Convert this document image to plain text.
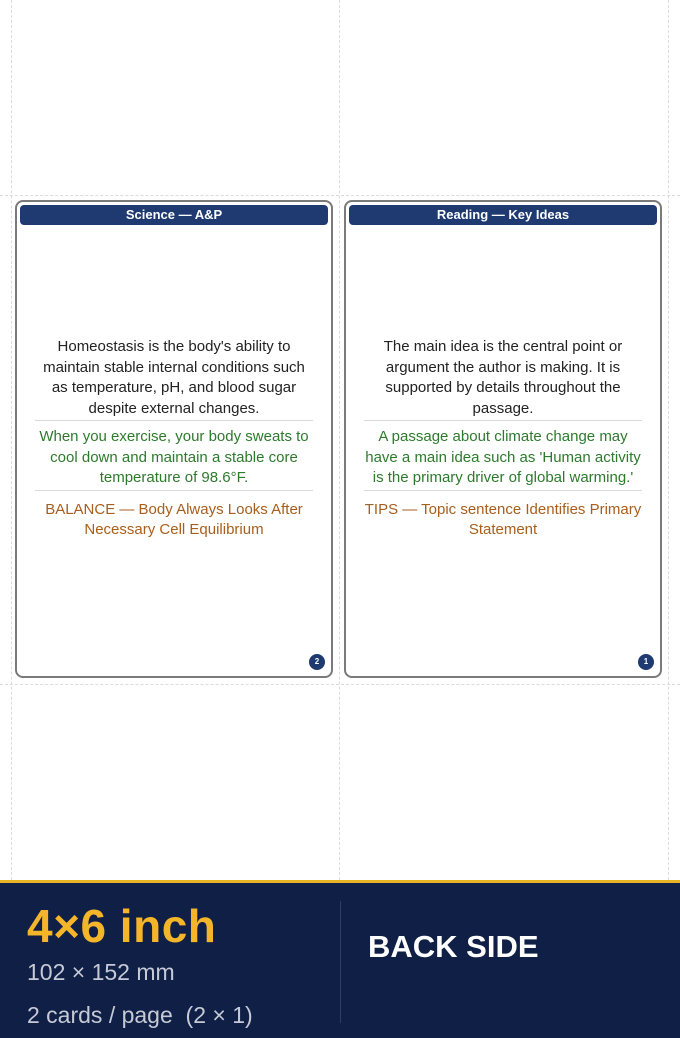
Science — A&P
Homeostasis is the body's ability to maintain stable internal conditions such as temperature, pH, and blood sugar despite external changes.
When you exercise, your body sweats to cool down and maintain a stable core temperature of 98.6°F.
BALANCE — Body Always Looks After Necessary Cell Equilibrium
2
Reading — Key Ideas
The main idea is the central point or argument the author is making. It is supported by details throughout the passage.
A passage about climate change may have a main idea such as 'Human activity is the primary driver of global warming.'
TIPS — Topic sentence Identifies Primary Statement
1
4×6 inch
102 × 152 mm
2 cards / page  (2 × 1)
BACK SIDE
